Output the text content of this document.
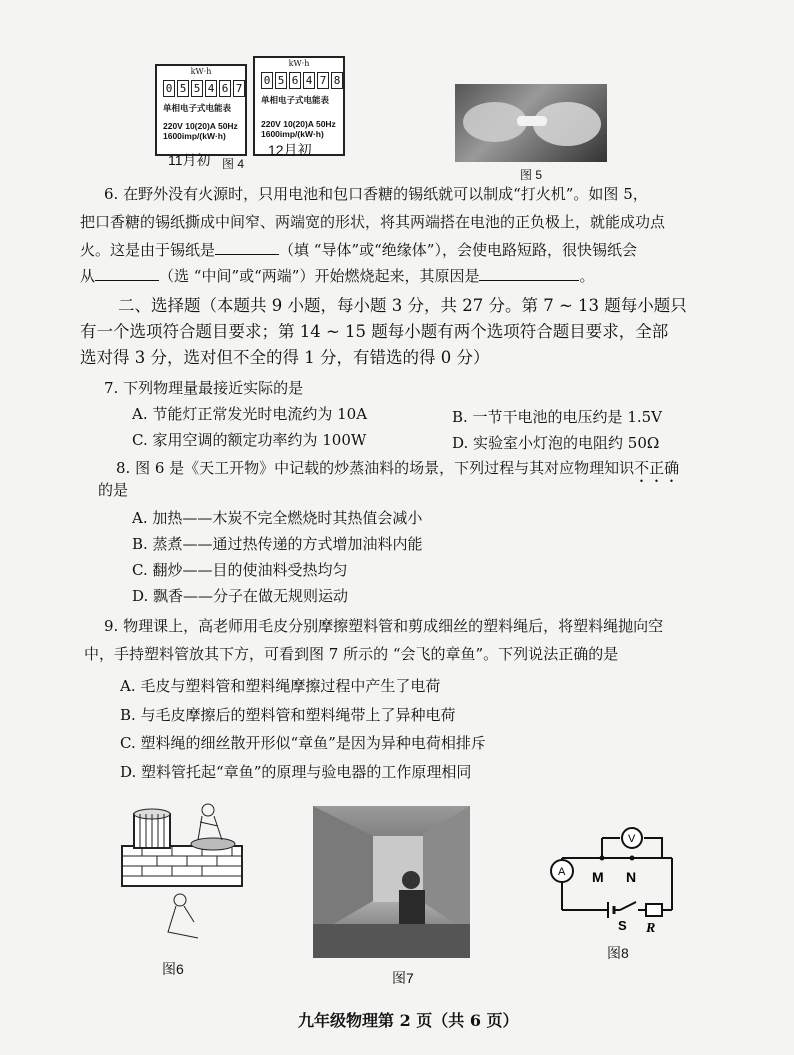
kW·h
0 5 5 4 6 7
单相电子式电能表
220V 10(20)A 50Hz
1600imp/(kW·h)
11月初
kW·h
0 5 6 4 7 8
单相电子式电能表
220V 10(20)A 50Hz
1600imp/(kW·h)
12月初
图 4
图 5
6. 在野外没有火源时，只用电池和包口香糖的锡纸就可以制成“打火机”。如图 5，
把口香糖的锡纸撕成中间窄、两端宽的形状，将其两端搭在电池的正负极上，就能成功点
火。这是由于锡纸是	（填 “导体”或“绝缘体”），会使电路短路，很快锡纸会
从	（选 “中间”或“两端”）开始燃烧起来，其原因是	。
二、选择题（本题共 9 小题，每小题 3 分，共 27 分。第 7 ~ 13 题每小题只
有一个选项符合题目要求；第 14 ~ 15 题每小题有两个选项符合题目要求，全部
选对得 3 分，选对但不全的得 1 分，有错选的得 0 分）
7. 下列物理量最接近实际的是
A. 节能灯正常发光时电流约为 10A	B. 一节干电池的电压约是 1.5V
C. 家用空调的额定功率约为 100W	D. 实验室小灯泡的电阻约 50Ω
8. 图 6 是《天工开物》中记载的炒蒸油料的场景，下列过程与其对应物理知识不正确
的是
A. 加热——木炭不完全燃烧时其热值会减小
B. 蒸煮——通过热传递的方式增加油料内能
C. 翻炒——目的使油料受热均匀
D. 飘香——分子在做无规则运动
9. 物理课上，高老师用毛皮分别摩擦塑料管和剪成细丝的塑料绳后，将塑料绳抛向空
中，手持塑料管放其下方，可看到图 7 所示的 “会飞的章鱼”。下列说法正确的是
A. 毛皮与塑料管和塑料绳摩擦过程中产生了电荷
B. 与毛皮摩擦后的塑料管和塑料绳带上了异种电荷
C. 塑料绳的细丝散开形似“章鱼”是因为异种电荷相排斥
D. 塑料管托起“章鱼”的原理与验电器的工作原理相同
图6
图7
V
A M N
S R
图8
九年级物理第 2 页（共 6 页）
